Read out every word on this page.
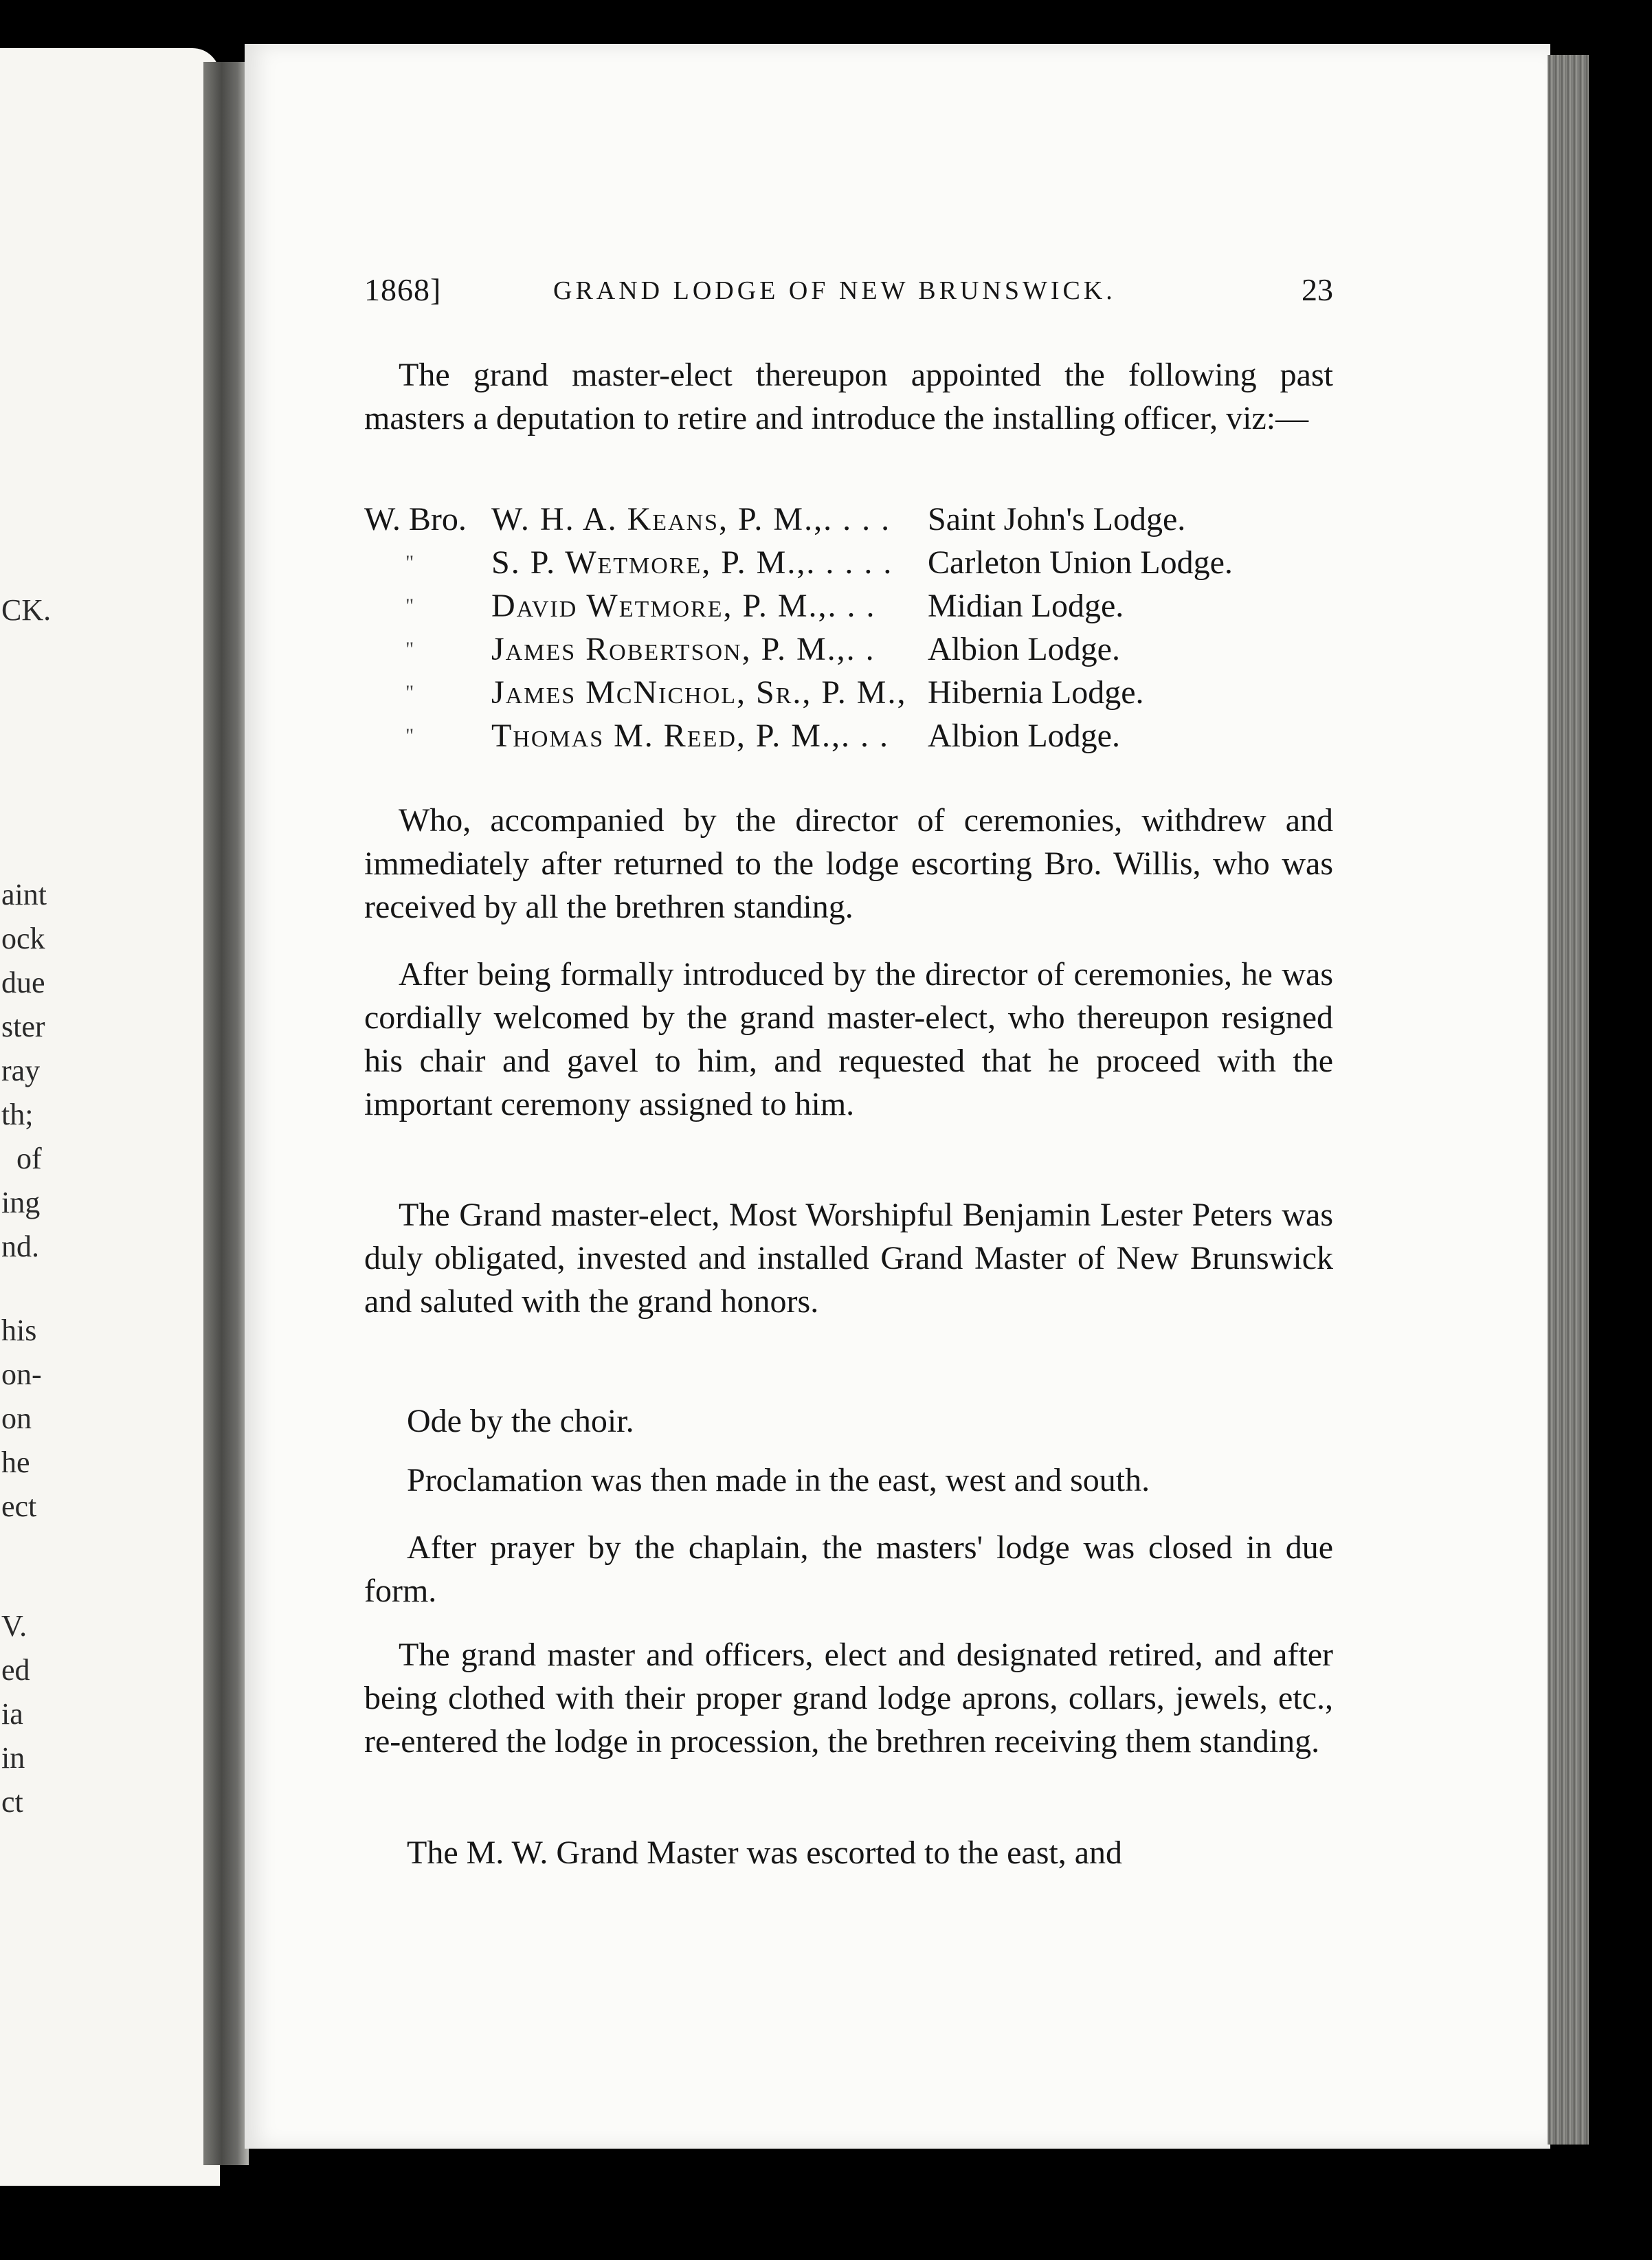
CK.
aint
ock
due
ster
ray
th;
of
ing
nd.
his
on-
on
he
ect
V.
ed
ia
in
ct
1868]	GRAND LODGE OF NEW BRUNSWICK.	23

The grand master-elect thereupon appointed the following past masters a deputation to retire and introduce the installing officer, viz:—

W. Bro. W. H. A. Keans, P. M.,. . . . Saint John's Lodge.
" S. P. Wetmore, P. M.,. . . . . Carleton Union Lodge.
" David Wetmore, P. M.,. . . Midian Lodge.
" James Robertson, P. M.,. . Albion Lodge.
" James McNichol, Sr., P. M., Hibernia Lodge.
" Thomas M. Reed, P. M.,. . . Albion Lodge.

Who, accompanied by the director of ceremonies, withdrew and immediately after returned to the lodge escorting Bro. Willis, who was received by all the brethren standing.

After being formally introduced by the director of ceremonies, he was cordially welcomed by the grand master-elect, who thereupon resigned his chair and gavel to him, and requested that he proceed with the important ceremony assigned to him.

The Grand master-elect, Most Worshipful Benjamin Lester Peters was duly obligated, invested and installed Grand Master of New Brunswick and saluted with the grand honors.

Ode by the choir.

Proclamation was then made in the east, west and south.

After prayer by the chaplain, the masters' lodge was closed in due form.

The grand master and officers, elect and designated retired, and after being clothed with their proper grand lodge aprons, collars, jewels, etc., re-entered the lodge in procession, the brethren receiving them standing.

The M. W. Grand Master was escorted to the east, and
